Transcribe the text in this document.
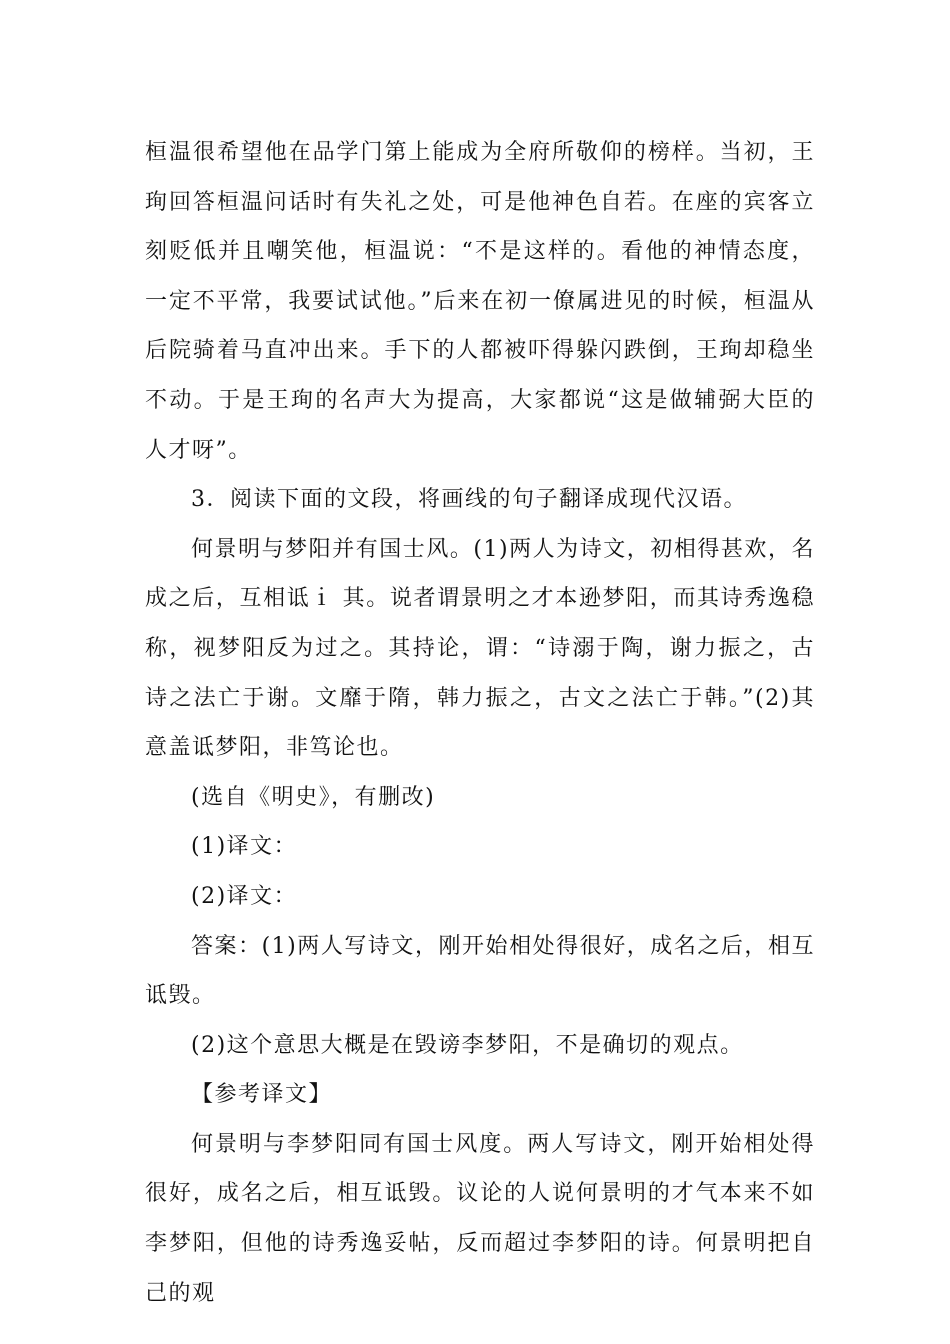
桓温很希望他在品学门第上能成为全府所敬仰的榜样。当初，王珣回答桓温问话时有失礼之处，可是他神色自若。在座的宾客立刻贬低并且嘲笑他，桓温说：“不是这样的。看他的神情态度，一定不平常，我要试试他。”后来在初一僚属进见的时候，桓温从后院骑着马直冲出来。手下的人都被吓得躲闪跌倒，王珣却稳坐不动。于是王珣的名声大为提高，大家都说“这是做辅弼大臣的人才呀”。

3．阅读下面的文段，将画线的句子翻译成现代汉语。

何景明与梦阳并有国士风。(1)两人为诗文，初相得甚欢，名成之后，互相诋ｉ 其。说者谓景明之才本逊梦阳，而其诗秀逸稳称，视梦阳反为过之。其持论，谓：“诗溺于陶，谢力振之，古诗之法亡于谢。文靡于隋，韩力振之，古文之法亡于韩。”(2)其意盖诋梦阳，非笃论也。

(选自《明史》，有删改)

(1)译文：

(2)译文：

答案：(1)两人写诗文，刚开始相处得很好，成名之后，相互诋毁。

(2)这个意思大概是在毁谤李梦阳，不是确切的观点。

【参考译文】

何景明与李梦阳同有国士风度。两人写诗文，刚开始相处得很好，成名之后，相互诋毁。议论的人说何景明的才气本来不如李梦阳，但他的诗秀逸妥帖，反而超过李梦阳的诗。何景明把自己的观
